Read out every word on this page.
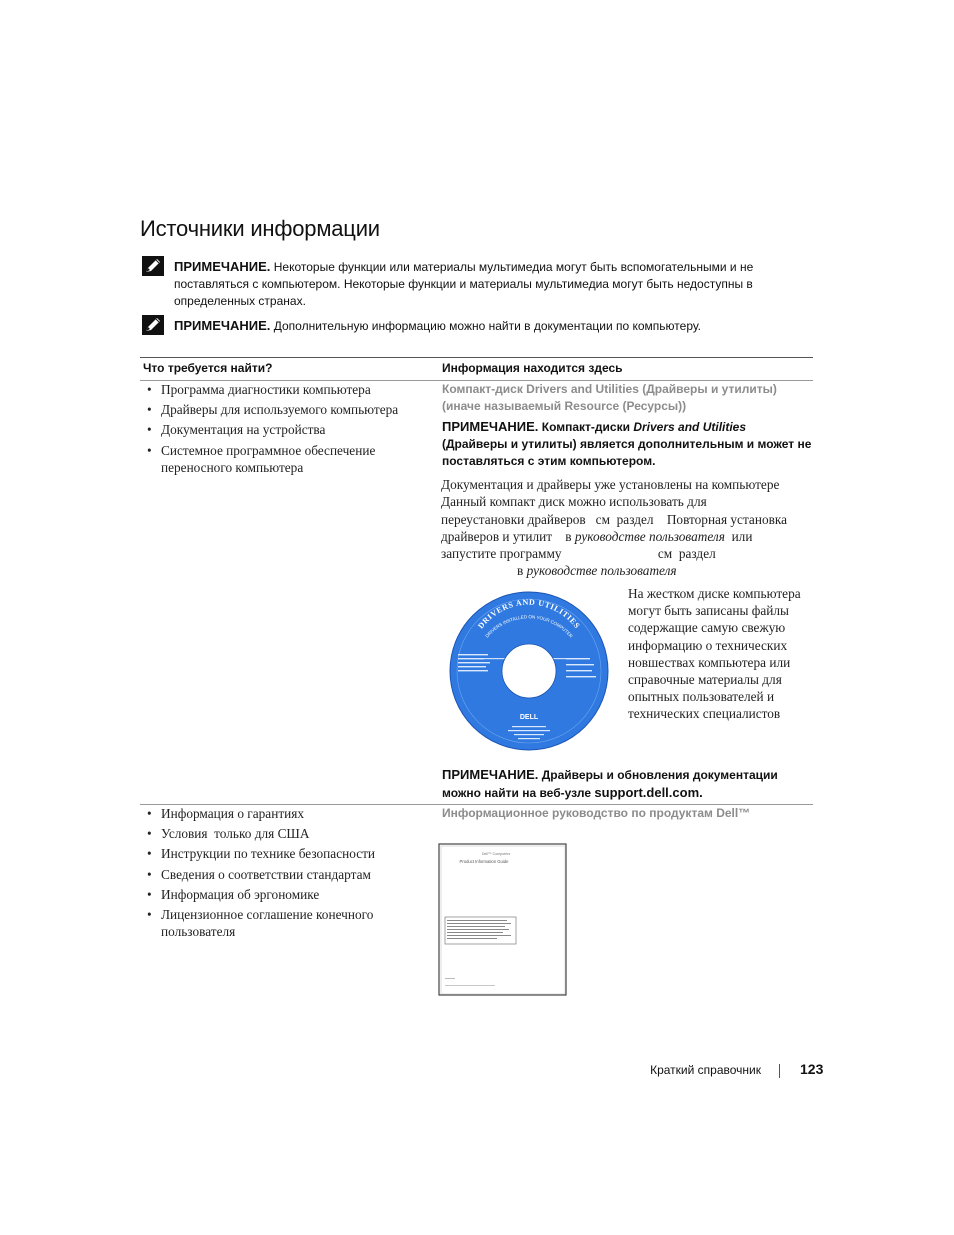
Источники информации
ПРИМЕЧАНИЕ. Некоторые функции или материалы мультимедиа могут быть вспомогательными и не поставляться с компьютером. Некоторые функции и материалы мультимедиа могут быть недоступны в определенных странах.
ПРИМЕЧАНИЕ. Дополнительную информацию можно найти в документации по компьютеру.
Что требуется найти?	Информация находится здесь
• Программа диагностики компьютера
• Драйверы для используемого компьютера
• Документация на устройства
• Системное программное обеспечение переносного компьютера
Компакт-диск Drivers and Utilities (Драйверы и утилиты) (иначе называемый Resource (Ресурсы))
ПРИМЕЧАНИЕ. Компакт-диски Drivers and Utilities (Драйверы и утилиты) является дополнительным и может не поставляться с этим компьютером.
Документация и драйверы уже установлены на компьютере
Данный компакт диск можно использовать для
переустановки драйверов   см  раздел    Повторная установка
драйверов и утилит    в руководстве пользователя  или
запустите программу                             см  раздел
в руководстве пользователя
DRIVERS AND UTILITIES
DRIVERS INSTALLED ON YOUR COMPUTER
DELL
На жестком диске компьютера могут быть записаны файлы содержащие самую свежую информацию о технических новшествах компьютера или справочные материалы для опытных пользователей и технических специалистов
ПРИМЕЧАНИЕ. Драйверы и обновления документации можно найти на веб-узле support.dell.com.
• Информация о гарантиях
• Условия  только для США
• Инструкции по технике безопасности
• Сведения о соответствии стандартам
• Информация об эргономике
• Лицензионное соглашение конечного пользователя
Информационное руководство по продуктам Dell™
Dell™ Computers
Product Information Guide
Краткий справочник	123
